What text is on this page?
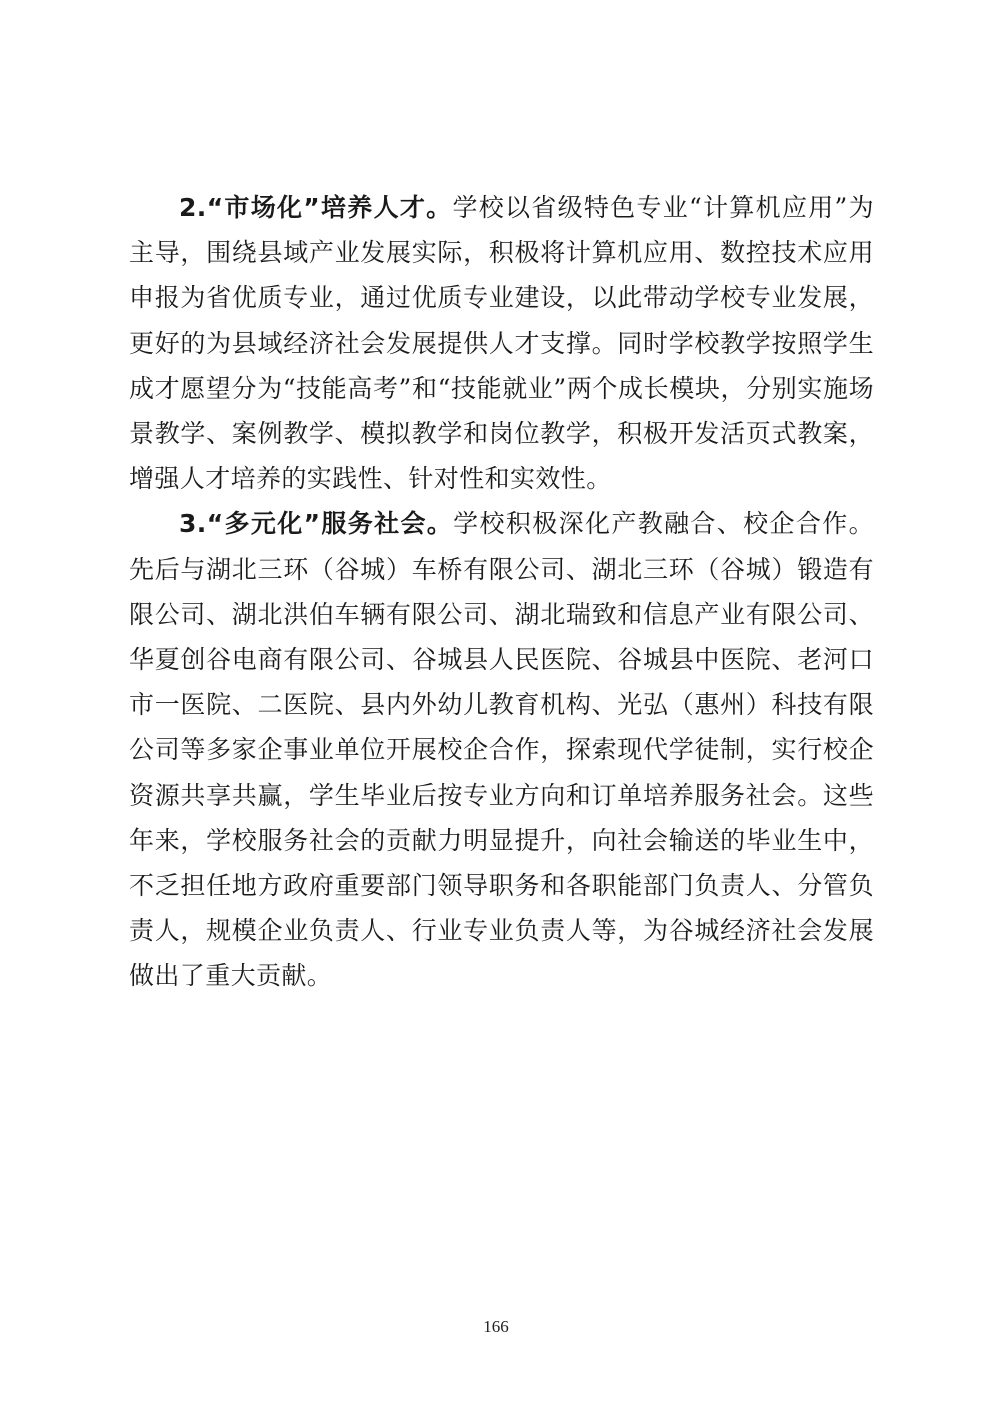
2.“市场化”培养人才。学校以省级特色专业“计算机应用”为主导，围绕县域产业发展实际，积极将计算机应用、数控技术应用申报为省优质专业，通过优质专业建设，以此带动学校专业发展，更好的为县域经济社会发展提供人才支撑。同时学校教学按照学生成才愿望分为“技能高考”和“技能就业”两个成长模块，分别实施场景教学、案例教学、模拟教学和岗位教学，积极开发活页式教案，增强人才培养的实践性、针对性和实效性。

3.“多元化”服务社会。学校积极深化产教融合、校企合作。先后与湖北三环（谷城）车桥有限公司、湖北三环（谷城）锻造有限公司、湖北洪伯车辆有限公司、湖北瑞致和信息产业有限公司、华夏创谷电商有限公司、谷城县人民医院、谷城县中医院、老河口市一医院、二医院、县内外幼儿教育机构、光弘（惠州）科技有限公司等多家企事业单位开展校企合作，探索现代学徒制，实行校企资源共享共赢，学生毕业后按专业方向和订单培养服务社会。这些年来，学校服务社会的贡献力明显提升，向社会输送的毕业生中，不乏担任地方政府重要部门领导职务和各职能部门负责人、分管负责人，规模企业负责人、行业专业负责人等，为谷城经济社会发展做出了重大贡献。

166
